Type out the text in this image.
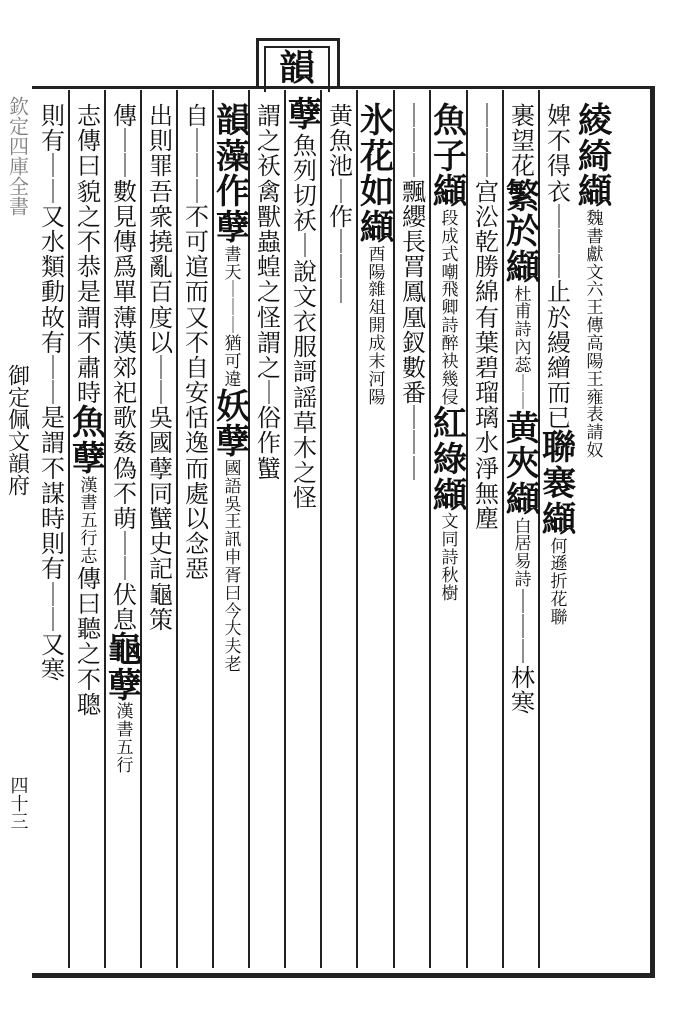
韻
欽定四庫全書
御定佩文韻府
四十三
綾
綺
纈
魏
書
獻
文
六
王
傳
高
陽
王
雍
表
請
奴
婢
不
得
衣
｜
｜
｜
止
於
縵
繒
而
已
聯
褰
纈
何
遜
折
花
聯
裹
望
花
繁
於
纈
杜
甫
詩
內
蕊
｜
｜
黄
夾
纈
白
居
易
詩
｜
｜
｜
林
寒
｜
｜
｜
宫
㳂
乾
勝
綿
有
葉
碧
瑠
璃
水
淨
無
塵
魚
子
纈
段
成
式
嘲
飛
卿
詩
醉
袂
幾
侵
紅
綠
纈
文
同
詩
秋
樹
｜
｜
｜
飄
纓
長
罥
鳳
凰
釵
數
番
｜
｜
｜
氷
花
如
纈
酉
陽
雜
俎
開
成
末
河
陽
黄
魚
池
｜
作
｜
｜
｜
孽
魚
列
切
祅
｜
說
文
衣
服
謌
謡
草
木
之
怪
謂
之
祅
禽
獸
蟲
蝗
之
怪
謂
之
｜
俗
作
蠥
韻
藻
作
孽
書
天
｜
｜
｜
猶
可
違
妖
孽
國
語
吳
王
訊
申
胥
曰
今
大
夫
老
自
｜
｜
｜
不
可
逭
而
又
不
自
安
恬
逸
而
處
以
念
惡
出
則
罪
吾
衆
撓
亂
百
度
以
｜
｜
吳
國
孽
同
蠥
史
記
龜
策
傳
｜
｜
數
見
傳
爲
單
薄
漢
郊
祀
歌
姦
偽
不
萌
｜
｜
伏
息
龜
孽
漢
書
五
行
志
傳
曰
貌
之
不
恭
是
謂
不
肅
時
魚
孽
漢
書
五
行
志
傳
曰
聽
之
不
聰
則
有
｜
｜
又
水
類
動
故
有
｜
｜
是
謂
不
謀
時
則
有
｜
｜
又
寒
